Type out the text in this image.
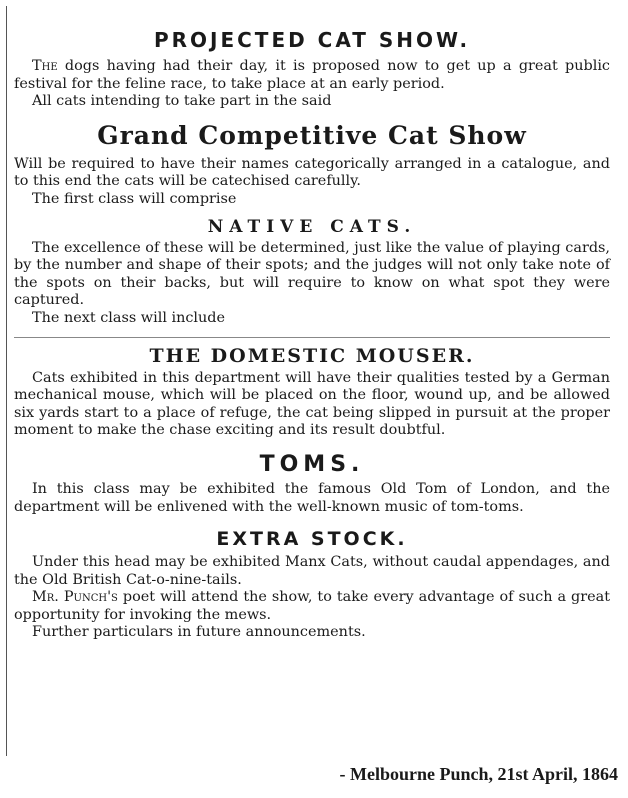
PROJECTED CAT SHOW.

The dogs having had their day, it is proposed now to get up a great public festival for the feline race, to take place at an early period.

All cats intending to take part in the said

Grand Competitive Cat Show

Will be required to have their names categorically arranged in a catalogue, and to this end the cats will be catechised carefully.

The first class will comprise

NATIVE CATS.

The excellence of these will be determined, just like the value of playing cards, by the number and shape of their spots; and the judges will not only take note of the spots on their backs, but will require to know on what spot they were captured.

The next class will include

THE DOMESTIC MOUSER.

Cats exhibited in this department will have their qualities tested by a German mechanical mouse, which will be placed on the floor, wound up, and be allowed six yards start to a place of refuge, the cat being slipped in pursuit at the proper moment to make the chase exciting and its result doubtful.

TOMS.

In this class may be exhibited the famous Old Tom of London, and the department will be enlivened with the well-known music of tom-toms.

EXTRA STOCK.

Under this head may be exhibited Manx Cats, without caudal appendages, and the Old British Cat-o-nine-tails.

Mr. Punch's poet will attend the show, to take every advantage of such a great opportunity for invoking the mews.

Further particulars in future announcements.

- Melbourne Punch, 21st April, 1864
